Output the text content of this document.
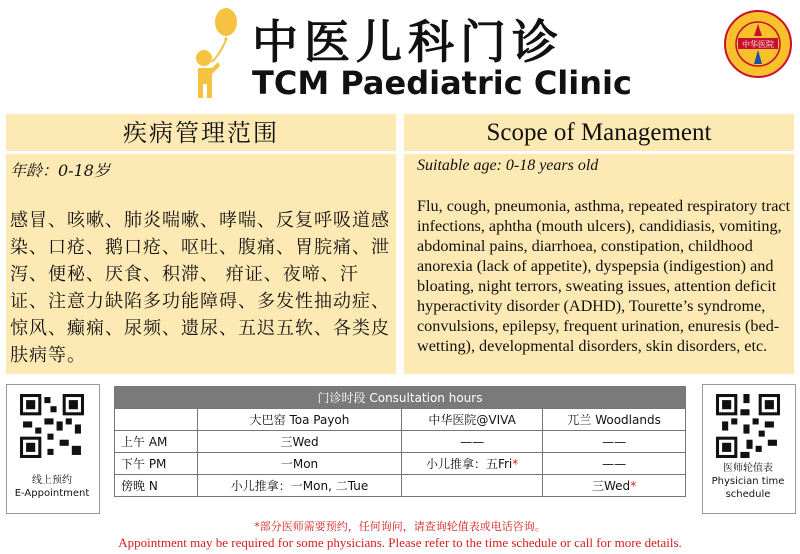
中医儿科门诊
TCM Paediatric Clinic
中华医院
疾病管理范围	Scope of Management
年龄：0-18岁
感冒、咳嗽、肺炎喘嗽、哮喘、反复呼吸道感染、口疮、鹅口疮、呕吐、腹痛、胃脘痛、泄泻、便秘、厌食、积滞、 疳证、夜啼、汗证、注意力缺陷多功能障碍、多发性抽动症、惊风、癫痫、尿频、遗尿、五迟五软、各类皮肤病等。
Suitable age: 0-18 years old
Flu, cough, pneumonia, asthma, repeated respiratory tract infections, aphtha (mouth ulcers), candidiasis, vomiting, abdominal pains, diarrhoea, constipation, childhood anorexia (lack of appetite), dyspepsia (indigestion) and bloating, night terrors, sweating issues, attention deficit hyperactivity disorder (ADHD), Tourette’s syndrome, convulsions, epilepsy, frequent urination, enuresis (bed-wetting), developmental disorders, skin disorders, etc.
线上预约
E-Appointment
医师轮值表
Physician time schedule
门诊时段 Consultation hours			
	大巴窑 Toa Payoh	中华医院@VIVA	兀兰 Woodlands
上午 AM	三Wed	——	——
下午 PM	一Mon	小儿推拿：五Fri*	——
傍晚 N	小儿推拿：一Mon, 二Tue		三Wed*
*部分医师需要预约，任何询问，请查询轮值表或电话咨询。
Appointment may be required for some physicians. Please refer to the time schedule or call for more details.
